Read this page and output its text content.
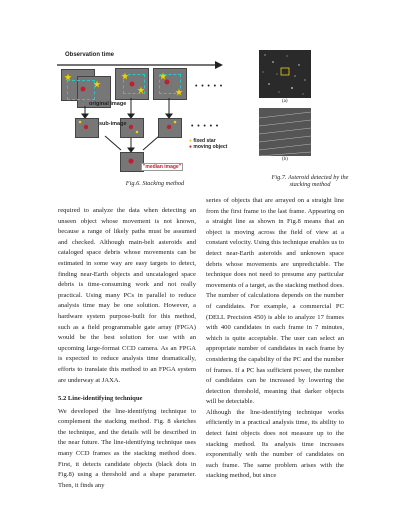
Observation time
• • • • •
• • • • •
original image
sub-image
"median image"
● fixed star
● moving object
Fig.6. Stacking method
(a)
(b)
Fig.7. Asteroid detected by the stacking method

required to analyze the data when detecting an unseen object whose movement is not known, because a range of likely paths must be assumed and checked. Although main-belt asteroids and cataloged space debris whose movements can be estimated in some way are easy targets to detect, finding near-Earth objects and uncataloged space debris is time-consuming work and not really practical. Using many PCs in parallel to reduce analysis time may be one solution. However, a hardware system purpose-built for this method, such as a field programmable gate array (FPGA) would be the best solution for use with an upcoming large-format CCD camera. As an FPGA is expected to reduce analysis time dramatically, efforts to translate this method to an FPGA system are underway at JAXA.

5.2 Line-identifying technique

We developed the line-identifying technique to complement the stacking method. Fig. 8 sketches the technique, and the details will be described in the near future. The line-identifying technique uses many CCD frames as the stacking method does. First, it detects candidate objects (black dots in Fig.8) using a threshold and a shape parameter. Then, it finds any

series of objects that are arrayed on a straight line from the first frame to the last frame. Appearing on a straight line as shown in Fig.8 means that an object is moving across the field of view at a constant velocity. Using this technique enables us to detect near-Earth asteroids and unknown space debris whose movements are unpredictable. The technique does not need to presume any particular movements of a target, as the stacking method does. The number of calculations depends on the number of candidates. For example, a commercial PC (DELL Precision 450) is able to analyze 17 frames with 400 candidates in each frame in 7 minutes, which is quite acceptable. The user can select an appropriate number of candidates in each frame by considering the capability of the PC and the number of frames. If a PC has sufficient power, the number of candidates can be increased by lowering the detection threshold, meaning that darker objects will be detectable.

Although the line-identifying technique works efficiently in a practical analysis time, its ability to detect faint objects does not measure up to the stacking method. Its analysis time increases exponentially with the number of candidates on each frame. The same problem arises with the stacking method, but since
